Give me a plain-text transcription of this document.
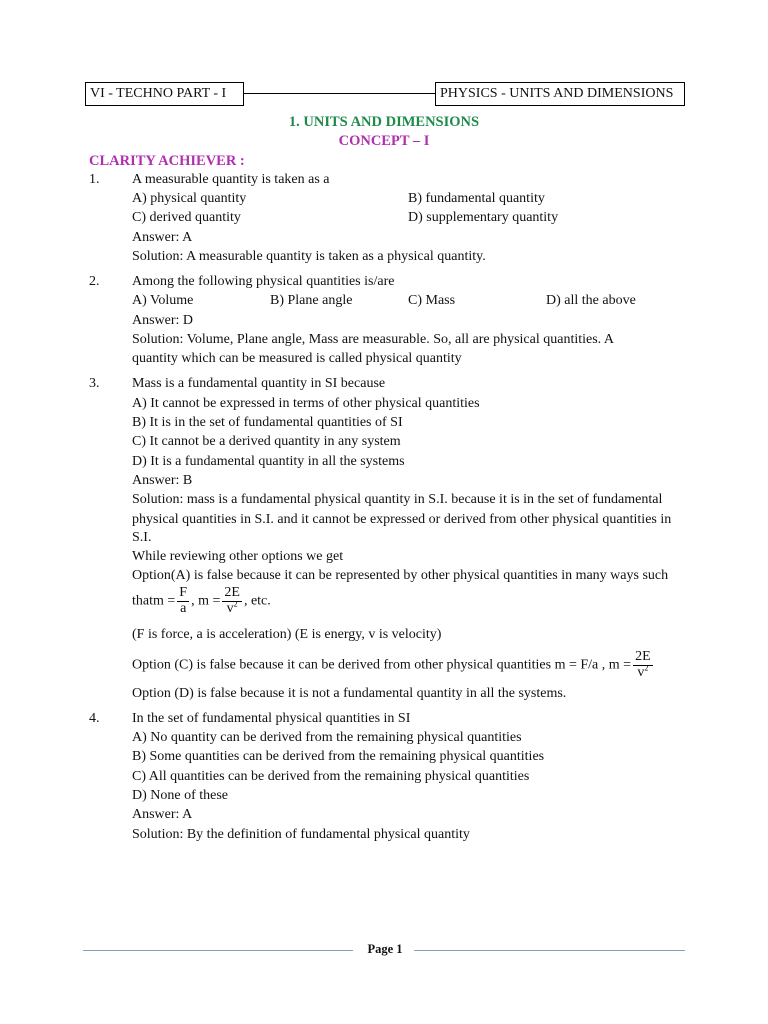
VI - TECHNO PART - I	PHYSICS - UNITS AND DIMENSIONS
1. UNITS AND DIMENSIONS
CONCEPT – I
CLARITY ACHIEVER :
1. A measurable quantity is taken as a
A) physical quantity	B) fundamental quantity
C) derived quantity	D) supplementary quantity
Answer: A
Solution: A measurable quantity is taken as a physical quantity.
2. Among the following physical quantities is/are
A) Volume	B) Plane angle	C) Mass	D) all the above
Answer: D
Solution: Volume, Plane angle, Mass are measurable. So, all are physical quantities. A
quantity which can be measured is called physical quantity
3. Mass is a fundamental quantity in SI because
A) It cannot be expressed in terms of other physical quantities
B) It is in the set of fundamental quantities of SI
C) It cannot be a derived quantity in any system
D) It is a fundamental quantity in all the systems
Answer: B
Solution: mass is a fundamental physical quantity in S.I. because it is in the set of fundamental
physical quantities in S.I. and it cannot be expressed or derived from other physical quantities in
S.I.
While reviewing other options we get
Option(A) is false because it can be represented by other physical quantities in many ways such
thatm = $\frac{F}{a}$ , $m = \frac{2E}{v^2}$ , etc.
(F is force, a is acceleration) (E is energy, v is velocity)
Option (C) is false because it can be derived from other physical quantities m = F/a , $m = \frac{2E}{v^2}$
Option (D) is false because it is not a fundamental quantity in all the systems.
4. In the set of fundamental physical quantities in SI
A) No quantity can be derived from the remaining physical quantities
B) Some quantities can be derived from the remaining physical quantities
C) All quantities can be derived from the remaining physical quantities
D) None of these
Answer: A
Solution: By the definition of fundamental physical quantity
Page 1
